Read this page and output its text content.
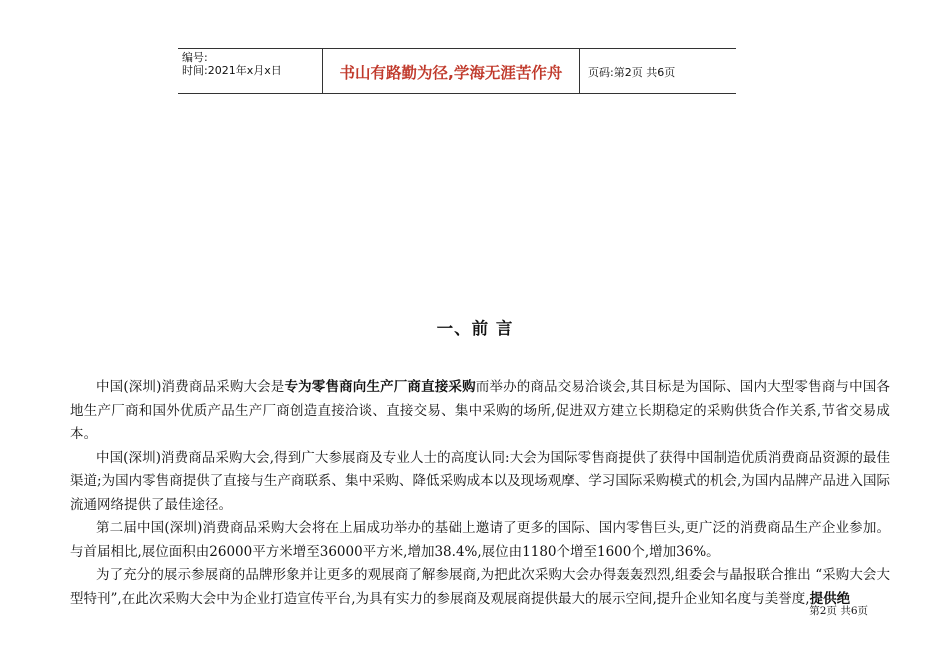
编号:
时间:2021年x月x日	书山有路勤为径,学海无涯苦作舟	页码:第2页 共6页
一、前 言

中国(深圳)消费商品采购大会是专为零售商向生产厂商直接采购而举办的商品交易洽谈会,其目标是为国际、国内大型零售商与中国各地生产厂商和国外优质产品生产厂商创造直接洽谈、直接交易、集中采购的场所,促进双方建立长期稳定的采购供货合作关系,节省交易成本。

中国(深圳)消费商品采购大会,得到广大参展商及专业人士的高度认同:大会为国际零售商提供了获得中国制造优质消费商品资源的最佳渠道;为国内零售商提供了直接与生产商联系、集中采购、降低采购成本以及现场观摩、学习国际采购模式的机会,为国内品牌产品进入国际流通网络提供了最佳途径。

第二届中国(深圳)消费商品采购大会将在上届成功举办的基础上邀请了更多的国际、国内零售巨头,更广泛的消费商品生产企业参加。与首届相比,展位面积由26000平方米增至36000平方米,增加38.4%,展位由1180个增至1600个,增加36%。

为了充分的展示参展商的品牌形象并让更多的观展商了解参展商,为把此次采购大会办得轰轰烈烈,组委会与晶报联合推出 “采购大会大型特刊”,在此次采购大会中为企业打造宣传平台,为具有实力的参展商及观展商提供最大的展示空间,提升企业知名度与美誉度,提供绝

第2页 共6页
